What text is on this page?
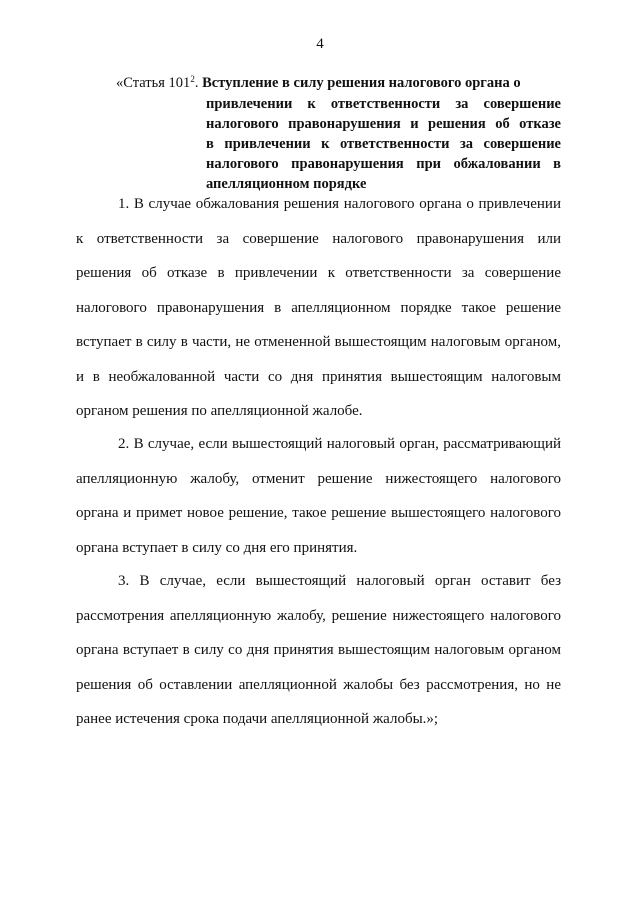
4
«Статья $101^2$. Вступление в силу решения налогового органа о
привлечении к ответственности за совершение
налогового правонарушения и решения об отказе
в привлечении к ответственности за совершение
налогового правонарушения при обжаловании в
апелляционном порядке

1. В случае обжалования решения налогового органа о привлечении к ответственности за совершение налогового правонарушения или решения об отказе в привлечении к ответственности за совершение налогового правонарушения в апелляционном порядке такое решение вступает в силу в части, не отмененной вышестоящим налоговым органом, и в необжалованной части со дня принятия вышестоящим налоговым органом решения по апелляционной жалобе.

2. В случае, если вышестоящий налоговый орган, рассматривающий апелляционную жалобу, отменит решение нижестоящего налогового органа и примет новое решение, такое решение вышестоящего налогового органа вступает в силу со дня его принятия.

3. В случае, если вышестоящий налоговый орган оставит без рассмотрения апелляционную жалобу, решение нижестоящего налогового органа вступает в силу со дня принятия вышестоящим налоговым органом решения об оставлении апелляционной жалобы без рассмотрения, но не ранее истечения срока подачи апелляционной жалобы.»;
